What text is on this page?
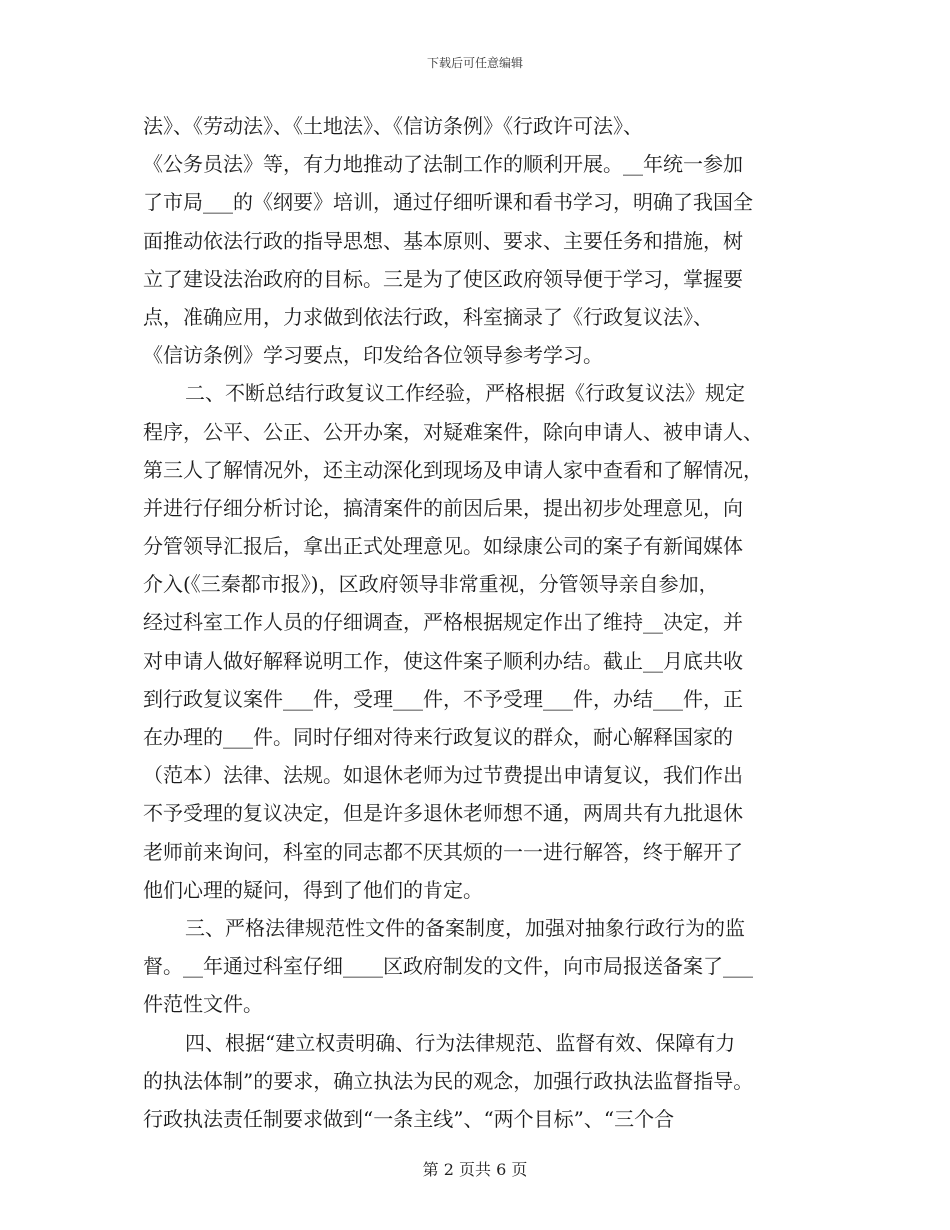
下载后可任意编辑
法》、《劳动法》、《土地法》、《信访条例》《行政许可法》、
《公务员法》等，有力地推动了法制工作的顺利开展。__年统一参加
了市局___的《纲要》培训，通过仔细听课和看书学习，明确了我国全
面推动依法行政的指导思想、基本原则、要求、主要任务和措施，树
立了建设法治政府的目标。三是为了使区政府领导便于学习，掌握要
点，准确应用，力求做到依法行政，科室摘录了《行政复议法》、
《信访条例》学习要点，印发给各位领导参考学习。
二、不断总结行政复议工作经验，严格根据《行政复议法》规定
程序，公平、公正、公开办案，对疑难案件，除向申请人、被申请人、
第三人了解情况外，还主动深化到现场及申请人家中查看和了解情况，
并进行仔细分析讨论，搞清案件的前因后果，提出初步处理意见，向
分管领导汇报后，拿出正式处理意见。如绿康公司的案子有新闻媒体
介入(《三秦都市报》)，区政府领导非常重视，分管领导亲自参加，
经过科室工作人员的仔细调查，严格根据规定作出了维持__决定，并
对申请人做好解释说明工作，使这件案子顺利办结。截止__月底共收
到行政复议案件___件，受理___件，不予受理___件，办结___件，正
在办理的___件。同时仔细对待来行政复议的群众，耐心解释国家的
（范本）法律、法规。如退休老师为过节费提出申请复议，我们作出
不予受理的复议决定，但是许多退休老师想不通，两周共有九批退休
老师前来询问，科室的同志都不厌其烦的一一进行解答，终于解开了
他们心理的疑问，得到了他们的肯定。
三、严格法律规范性文件的备案制度，加强对抽象行政行为的监
督。__年通过科室仔细____区政府制发的文件，向市局报送备案了___
件范性文件。
四、根据“建立权责明确、行为法律规范、监督有效、保障有力
的执法体制”的要求，确立执法为民的观念，加强行政执法监督指导。
行政执法责任制要求做到“一条主线”、“两个目标”、“三个合
第 2 页共 6 页
